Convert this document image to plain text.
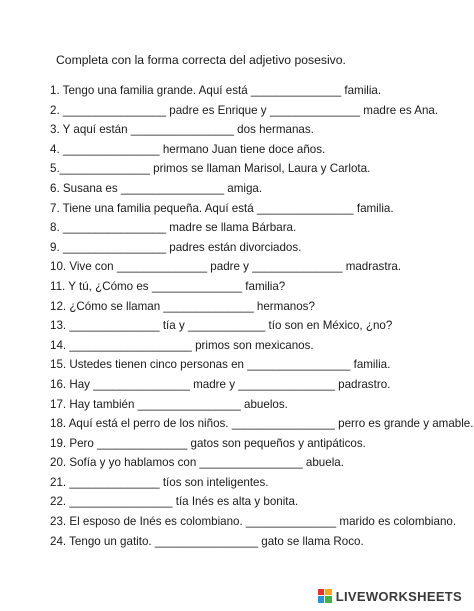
Completa con la forma correcta del adjetivo posesivo.
1. Tengo una familia grande. Aquí está ______________ familia.
2. ________________ padre es Enrique y ______________ madre es Ana.
3. Y aquí están ________________ dos hermanas.
4. _______________ hermano Juan tiene doce años.
5.______________ primos se llaman Marisol, Laura y Carlota.
6. Susana es ________________ amiga.
7. Tiene una familia pequeña. Aquí está _______________ familia.
8. ________________ madre se llama Bárbara.
9. ________________ padres están divorciados.
10. Vive con ______________ padre y ______________ madrastra.
11. Y tú, ¿Cómo es ______________ familia?
12. ¿Cómo se llaman ______________ hermanos?
13. ______________ tía y ____________ tío son en México, ¿no?
14. ___________________ primos son mexicanos.
15. Ustedes tienen cinco personas en ________________ familia.
16. Hay _______________ madre y _______________ padrastro.
17. Hay también ________________ abuelos.
18. Aquí está el perro de los niños. ________________ perro es grande y amable.
19. Pero ______________ gatos son pequeños y antipáticos.
20. Sofía y yo hablamos con ________________ abuela.
21. ______________ tíos son inteligentes.
22. ________________ tía Inés es alta y bonita.
23. El esposo de Inés es colombiano. ______________ marido es colombiano.
24. Tengo un gatito. ________________ gato se llama Roco.
LIVEWORKSHEETS
